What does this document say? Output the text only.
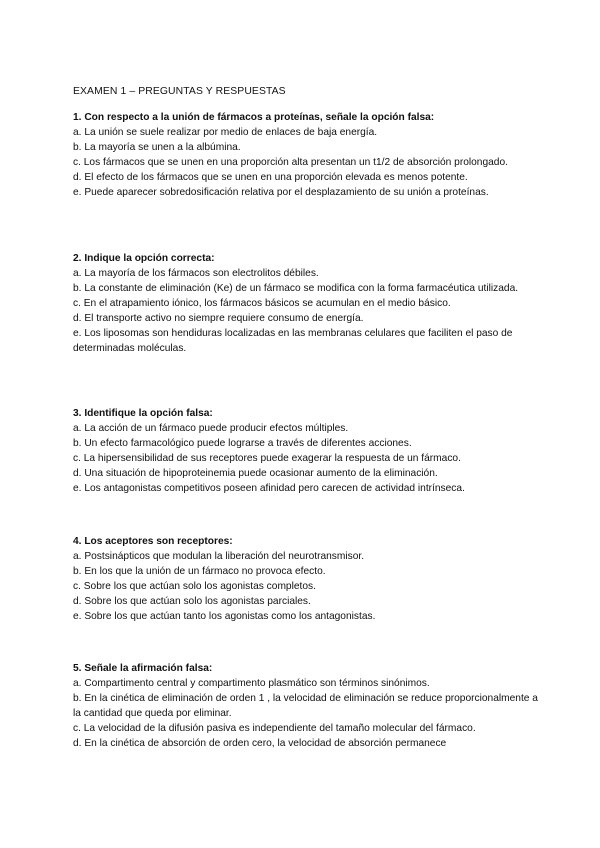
EXAMEN 1 – PREGUNTAS Y RESPUESTAS
1. Con respecto a la unión de fármacos a proteínas, señale la opción falsa:
a. La unión se suele realizar por medio de enlaces de baja energía.
b. La mayoría se unen a la albúmina.
c. Los fármacos que se unen en una proporción alta presentan un t1/2 de absorción prolongado.
d. El efecto de los fármacos que se unen en una proporción elevada es menos potente.
e. Puede aparecer sobredosificación relativa por el desplazamiento de su unión a proteínas.
2. Indique la opción correcta:
a. La mayoría de los fármacos son electrolitos débiles.
b. La constante de eliminación (Ke) de un fármaco se modifica con la forma farmacéutica utilizada.
c. En el atrapamiento iónico, los fármacos básicos se acumulan en el medio básico.
d. El transporte activo no siempre requiere consumo de energía.
e. Los liposomas son hendiduras localizadas en las membranas celulares que faciliten el paso de determinadas moléculas.
3. Identifique la opción falsa:
a. La acción de un fármaco puede producir efectos múltiples.
b. Un efecto farmacológico puede lograrse a través de diferentes acciones.
c. La hipersensibilidad de sus receptores puede exagerar la respuesta de un fármaco.
d. Una situación de hipoproteinemia puede ocasionar aumento de la eliminación.
e. Los antagonistas competitivos poseen afinidad pero carecen de actividad intrínseca.
4. Los aceptores son receptores:
a. Postsinápticos que modulan la liberación del neurotransmisor.
b. En los que la unión de un fármaco no provoca efecto.
c. Sobre los que actúan solo los agonistas completos.
d. Sobre los que actúan solo los agonistas parciales.
e. Sobre los que actúan tanto los agonistas como los antagonistas.
5. Señale la afirmación falsa:
a. Compartimento central y compartimento plasmático son términos sinónimos.
b. En la cinética de eliminación de orden 1 , la velocidad de eliminación se reduce proporcionalmente a la cantidad que queda por eliminar.
c. La velocidad de la difusión pasiva es independiente del tamaño molecular del fármaco.
d. En la cinética de absorción de orden cero, la velocidad de absorción permanece
